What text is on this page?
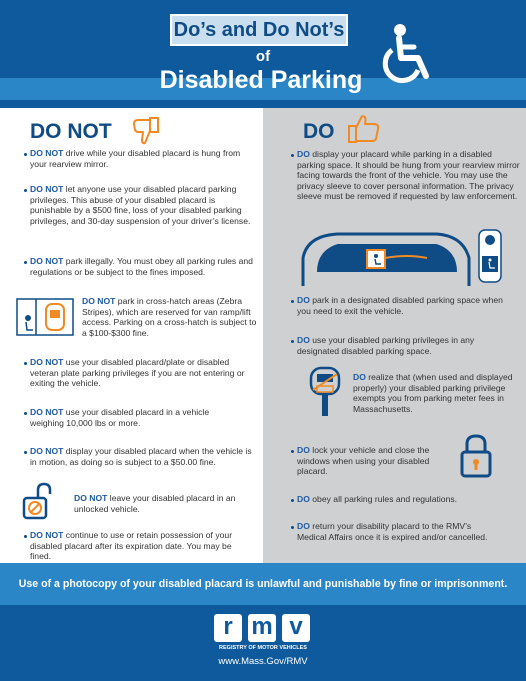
Do’s and Do Not’s
of
Disabled Parking
DO NOT
DO NOT drive while your disabled placard is hung from your rearview mirror.
DO NOT let anyone use your disabled placard parking privileges. This abuse of your disabled placard is punishable by a $500 fine, loss of your disabled parking privileges, and 30-day suspension of your driver’s license.
DO NOT park illegally. You must obey all parking rules and regulations or be subject to the fines imposed.
DO NOT park in cross-hatch areas (Zebra Stripes), which are reserved for van ramp/lift access. Parking on a cross-hatch is subject to a $100-$300 fine.
DO NOT use your disabled placard/plate or disabled veteran plate parking privileges if you are not entering or exiting the vehicle.
DO NOT use your disabled placard in a vehicle weighing 10,000 lbs or more.
DO NOT display your disabled placard when the vehicle is in motion, as doing so is subject to a $50.00 fine.
DO NOT leave your disabled placard in an unlocked vehicle.
DO NOT continue to use or retain possession of your disabled placard after its expiration date. You may be fined.
DO
DO display your placard while parking in a disabled parking space. It should be hung from your rearview mirror facing towards the front of the vehicle. You may use the privacy sleeve to cover personal information. The privacy sleeve must be removed if requested by law enforcement.
DO park in a designated disabled parking space when you need to exit the vehicle.
DO use your disabled parking privileges in any designated disabled parking space.
DO realize that (when used and displayed properly) your disabled parking privilege exempts you from parking meter fees in Massachusetts.
DO lock your vehicle and close the windows when using your disabled placard.
DO obey all parking rules and regulations.
DO return your disability placard to the RMV’s Medical Affairs once it is expired and/or cancelled.
Use of a photocopy of your disabled placard is unlawful and punishable by fine or imprisonment.
r m v
REGISTRY OF MOTOR VEHICLES
www.Mass.Gov/RMV
